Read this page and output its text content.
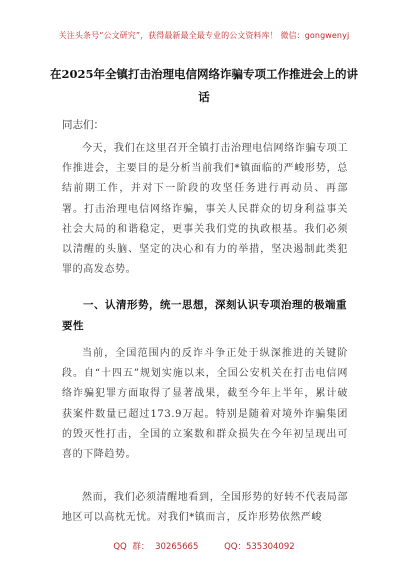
关注头条号“公文研究”，获得最新最全最专业的公文资料库！ 微信：gongwenyj
在2025年全镇打击治理电信网络诈骗专项工作推进会上的讲话
同志们：
今天，我们在这里召开全镇打击治理电信网络诈骗专项工作推进会，主要目的是分析当前我们*镇面临的严峻形势，总结前期工作，并对下一阶段的攻坚任务进行再动员、再部署。打击治理电信网络诈骗，事关人民群众的切身利益事关社会大局的和谐稳定，更事关我们党的执政根基。我们必须以清醒的头脑、坚定的决心和有力的举措，坚决遏制此类犯罪的高发态势。
一、认清形势，统一思想，深刻认识专项治理的极端重要性
当前，全国范围内的反诈斗争正处于纵深推进的关键阶段。自“十四五”规划实施以来，全国公安机关在打击电信网络诈骗犯罪方面取得了显著战果，截至今年上半年，累计破获案件数量已超过173.9万起。特别是随着对境外诈骗集团的毁灭性打击，全国的立案数和群众损失在今年初呈现出可喜的下降趋势。
然而，我们必须清醒地看到，全国形势的好转不代表局部地区可以高枕无忧。对我们*镇而言，反诈形势依然严峻
QQ 群： 30265665	QQ：535304092
